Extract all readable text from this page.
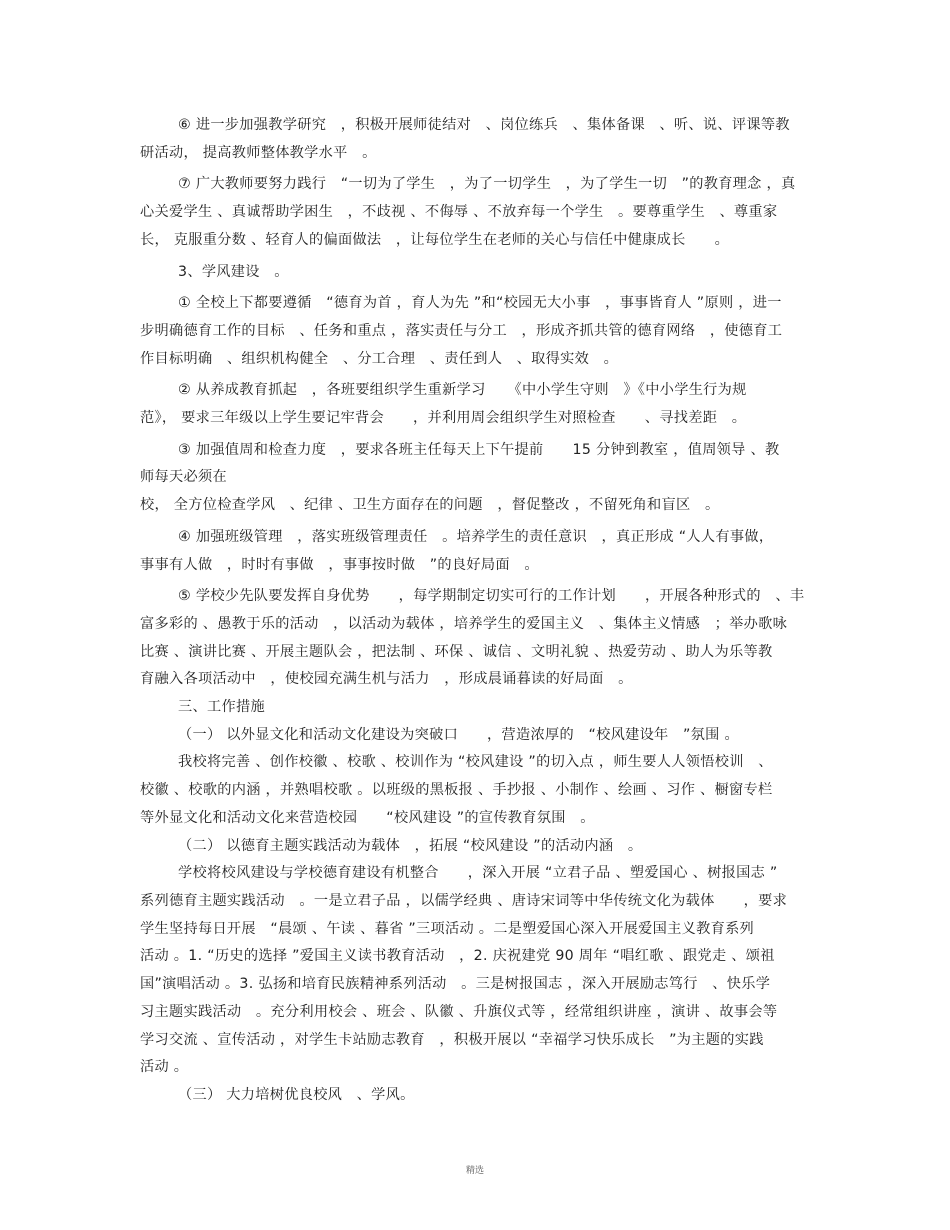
⑥ 进一步加强教学研究　，积极开展师徒结对　、岗位练兵　、集体备课　、听、说、评课等教
研活动， 提高教师整体教学水平　。

⑦ 广大教师要努力践行　“一切为了学生　，为了一切学生　，为了学生一切　”的教育理念 ，真
心关爱学生 、真诚帮助学困生　，不歧视 、不侮辱 、不放弃每一个学生　。要尊重学生　、尊重家
长， 克服重分数 、轻育人的偏面做法　，让每位学生在老师的关心与信任中健康成长　　。

3、学风建设　。

① 全校上下都要遵循　“德育为首 ，育人为先 ”和“校园无大小事　，事事皆育人 ”原则 ，进一
步明确德育工作的目标　、任务和重点 ，落实责任与分工　，形成齐抓共管的德育网络　，使德育工
作目标明确　、组织机构健全　、分工合理　、责任到人　、取得实效　。

② 从养成教育抓起　，各班要组织学生重新学习　　《中小学生守则　》《中小学生行为规
范》， 要求三年级以上学生要记牢背会　　，并利用周会组织学生对照检查　　、寻找差距　。

③ 加强值周和检查力度　，要求各班主任每天上下午提前　　15 分钟到教室 ，值周领导 、教
师每天必须在

校， 全方位检查学风　、纪律 、卫生方面存在的问题　，督促整改 ，不留死角和盲区　。

④ 加强班级管理　，落实班级管理责任　。培养学生的责任意识　，真正形成 “人人有事做，
事事有人做　，时时有事做　，事事按时做　”的良好局面　。

⑤ 学校少先队要发挥自身优势　　，每学期制定切实可行的工作计划　　，开展各种形式的　、丰
富多彩的 、愚教于乐的活动　，以活动为载体 ，培养学生的爱国主义　、集体主义情感　；举办歌咏
比赛 、演讲比赛 、开展主题队会 ，把法制 、环保 、诚信 、文明礼貌 、热爱劳动 、助人为乐等教
育融入各项活动中　，使校园充满生机与活力　，形成晨诵暮读的好局面　。

三、工作措施

（一） 以外显文化和活动文化建设为突破口　　，营造浓厚的　“校风建设年　”氛围 。

我校将完善 、创作校徽 、校歌 、校训作为 “校风建设 ”的切入点 ，师生要人人领悟校训　、
校徽 、校歌的内涵 ，并熟唱校歌 。以班级的黑板报 、手抄报 、小制作 、绘画 、习作 、橱窗专栏
等外显文化和活动文化来营造校园　　“校风建设 ”的宣传教育氛围　。

（二） 以德育主题实践活动为载体　，拓展 “校风建设 ”的活动内涵　。

学校将校风建设与学校德育建设有机整合　　，深入开展 “立君子品 、塑爱国心 、树报国志 ”
系列德育主题实践活动　。一是立君子品 ，以儒学经典 、唐诗宋词等中华传统文化为载体　　，要求
学生坚持每日开展　“晨颂 、午读 、暮省 ”三项活动 。二是塑爱国心深入开展爱国主义教育系列
活动 。1. “历史的选择 ”爱国主义读书教育活动　，2. 庆祝建党 90 周年 “唱红歌 、跟党走 、颂祖
国”演唱活动 。3. 弘扬和培育民族精神系列活动　。三是树报国志 ，深入开展励志笃行　、快乐学
习主题实践活动　。充分利用校会 、班会 、队徽 、升旗仪式等 ，经常组织讲座 ，演讲 、故事会等
学习交流 、宣传活动 ，对学生卡站励志教育　，积极开展以 “幸福学习快乐成长　”为主题的实践
活动 。

（三） 大力培树优良校风　、学风。

精选
